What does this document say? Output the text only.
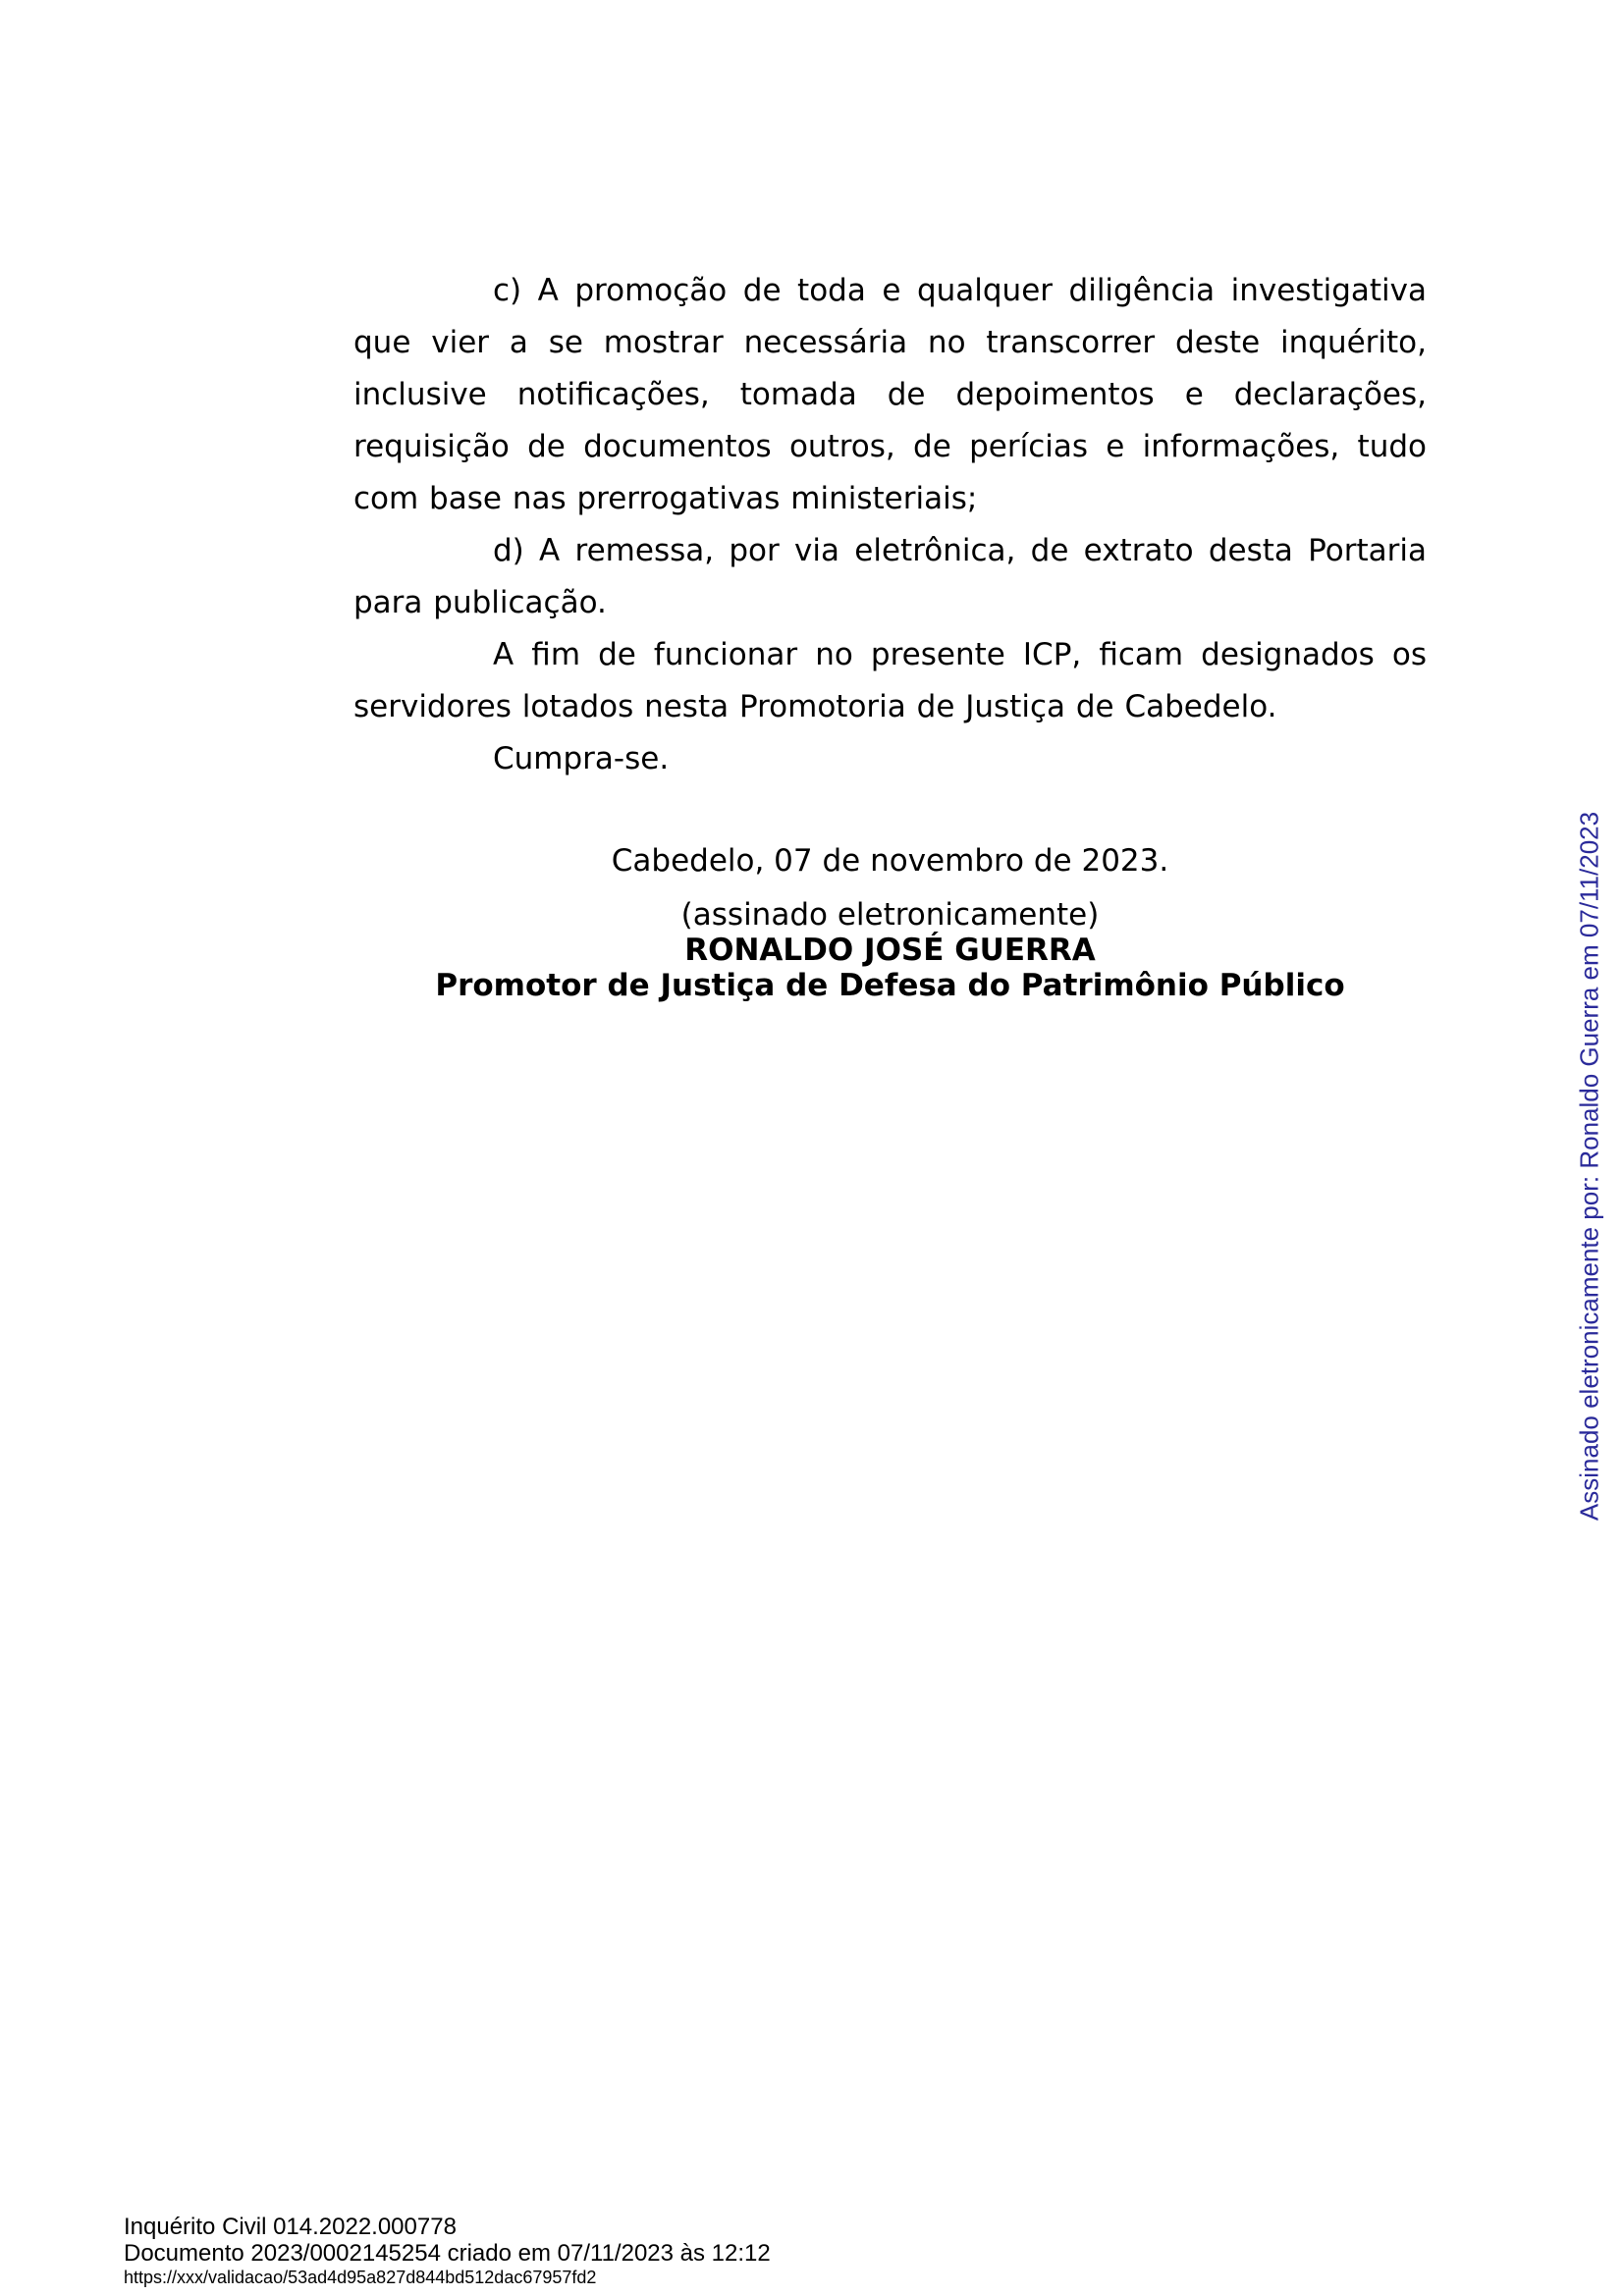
c) A promoção de toda e qualquer diligência investigativa que vier a se mostrar necessária no transcorrer deste inquérito, inclusive notificações, tomada de depoimentos e declarações, requisição de documentos outros, de perícias e informações, tudo com base nas prerrogativas ministeriais;

d) A remessa, por via eletrônica, de extrato desta Portaria para publicação.

A fim de funcionar no presente ICP, ficam designados os servidores lotados nesta Promotoria de Justiça de Cabedelo.

Cumpra-se.

Cabedelo, 07 de novembro de 2023.
(assinado eletronicamente)
RONALDO JOSÉ GUERRA
Promotor de Justiça de Defesa do Patrimônio Público	Assinado eletronicamente por: Ronaldo Guerra em 07/11/2023
Inquérito Civil 014.2022.000778
Documento 2023/0002145254 criado em 07/11/2023 às 12:12
https://xxx/validacao/53ad4d95a827d844bd512dac67957fd2
